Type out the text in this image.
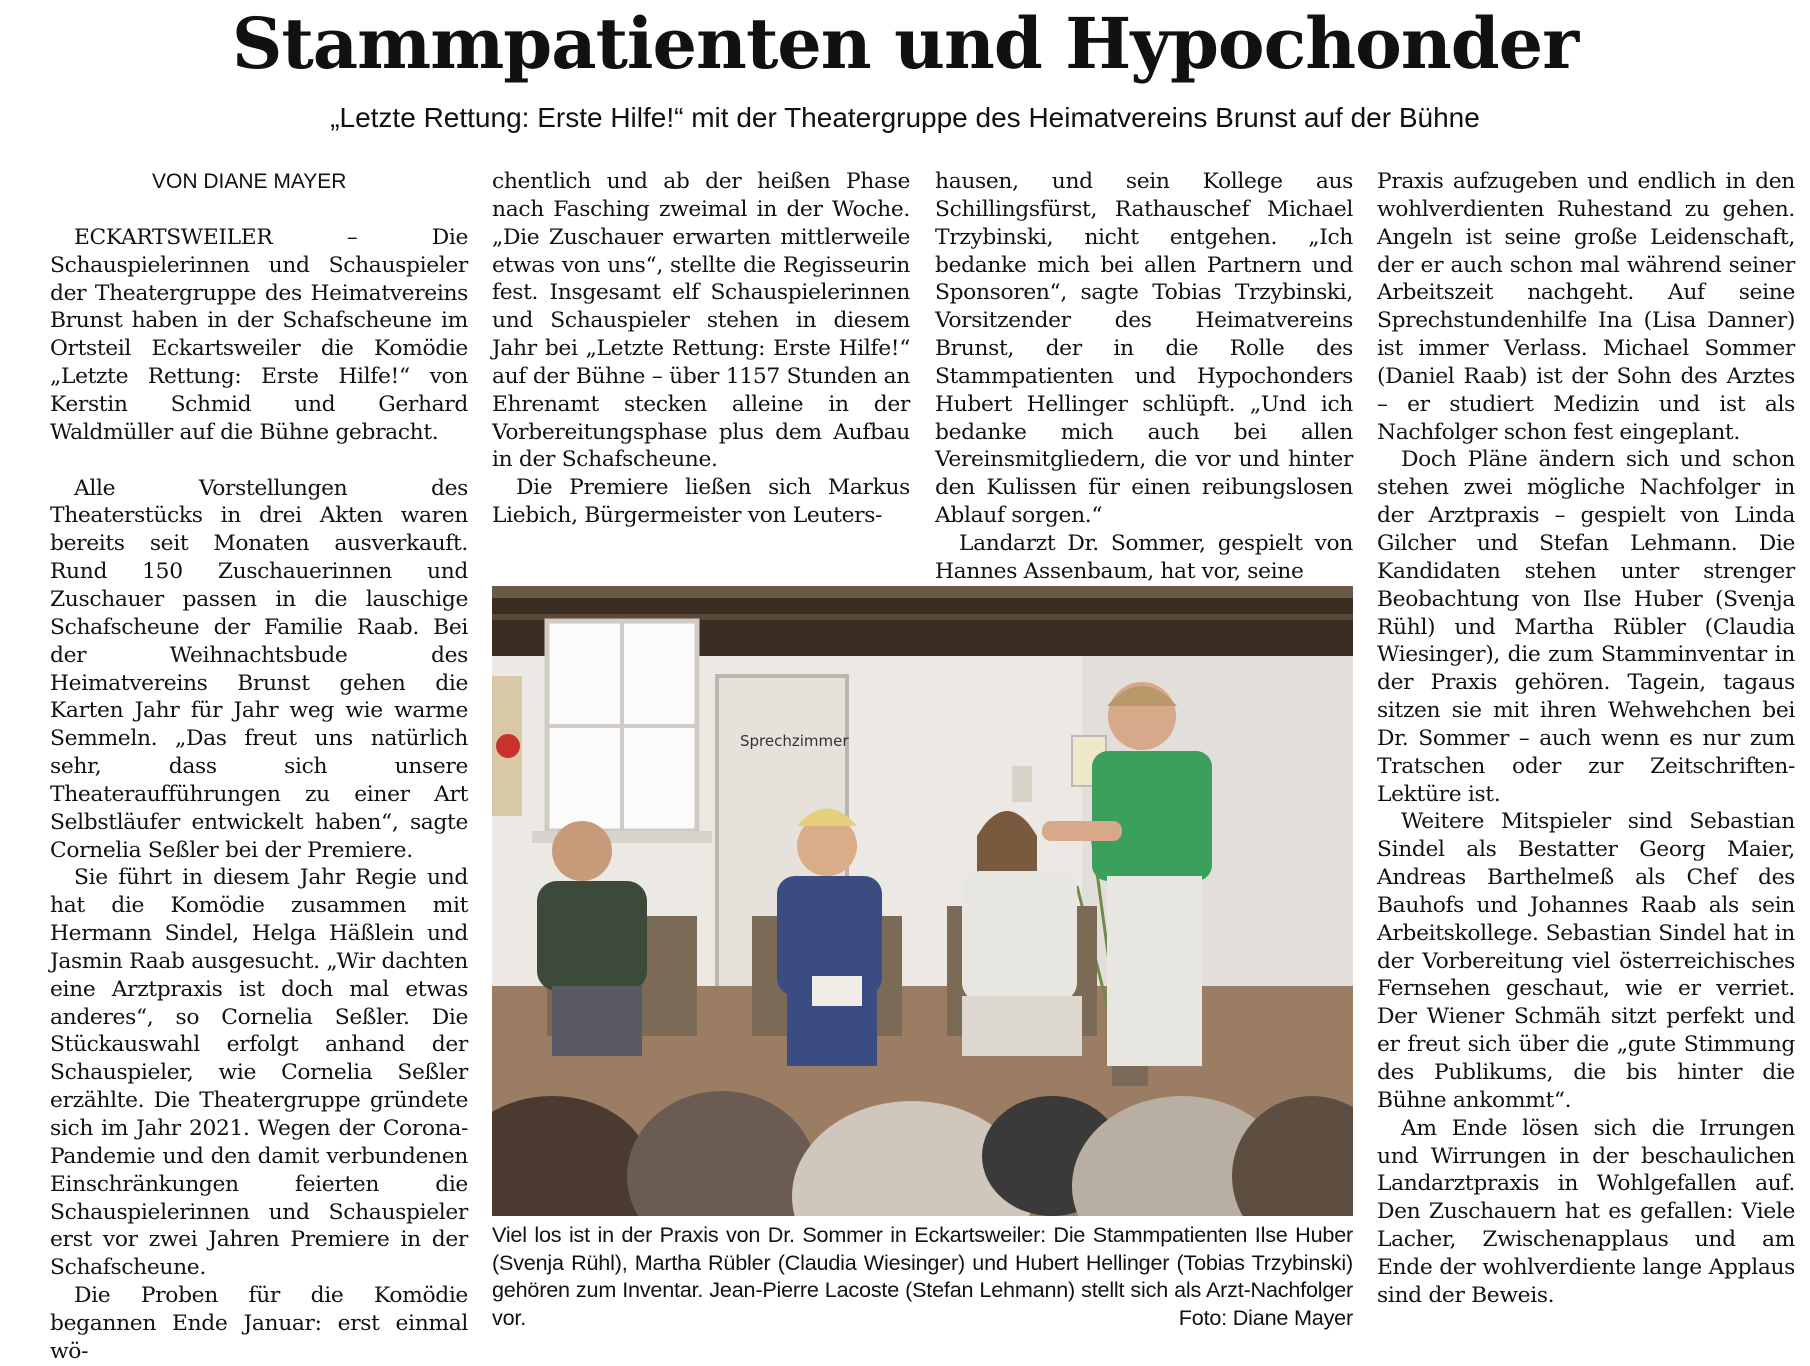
Stammpatienten und Hypochonder
„Letzte Rettung: Erste Hilfe!“ mit der Theatergruppe des Heimatvereins Brunst auf der Bühne

VON DIANE MAYER

ECKARTSWEILER – Die Schauspielerinnen und Schauspieler der Theatergruppe des Heimatvereins Brunst haben in der Schafscheune im Ortsteil Eckartsweiler die Komödie „Letzte Rettung: Erste Hilfe!“ von Kerstin Schmid und Gerhard Waldmüller auf die Bühne gebracht.

Alle Vorstellungen des Theaterstücks in drei Akten waren bereits seit Monaten ausverkauft. Rund 150 Zuschauerinnen und Zuschauer passen in die lauschige Schafscheune der Familie Raab. Bei der Weihnachtsbude des Heimatvereins Brunst gehen die Karten Jahr für Jahr weg wie warme Semmeln. „Das freut uns natürlich sehr, dass sich unsere Theateraufführungen zu einer Art Selbstläufer entwickelt haben“, sagte Cornelia Seßler bei der Premiere.

Sie führt in diesem Jahr Regie und hat die Komödie zusammen mit Hermann Sindel, Helga Häßlein und Jasmin Raab ausgesucht. „Wir dachten eine Arztpraxis ist doch mal etwas anderes“, so Cornelia Seßler. Die Stückauswahl erfolgt anhand der Schauspieler, wie Cornelia Seßler erzählte. Die Theatergruppe gründete sich im Jahr 2021. Wegen der Corona-Pandemie und den damit verbundenen Einschränkungen feierten die Schauspielerinnen und Schauspieler erst vor zwei Jahren Premiere in der Schafscheune.

Die Proben für die Komödie begannen Ende Januar: erst einmal wö-

chentlich und ab der heißen Phase nach Fasching zweimal in der Woche. „Die Zuschauer erwarten mittlerweile etwas von uns“, stellte die Regisseurin fest. Insgesamt elf Schauspielerinnen und Schauspieler stehen in diesem Jahr bei „Letzte Rettung: Erste Hilfe!“ auf der Bühne – über 1157 Stunden an Ehrenamt stecken alleine in der Vorbereitungsphase plus dem Aufbau in der Schafscheune.

Die Premiere ließen sich Markus Liebich, Bürgermeister von Leuters-

hausen, und sein Kollege aus Schillingsfürst, Rathauschef Michael Trzybinski, nicht entgehen. „Ich bedanke mich bei allen Partnern und Sponsoren“, sagte Tobias Trzybinski, Vorsitzender des Heimatvereins Brunst, der in die Rolle des Stammpatienten und Hypochonders Hubert Hellinger schlüpft. „Und ich bedanke mich auch bei allen Vereinsmitgliedern, die vor und hinter den Kulissen für einen reibungslosen Ablauf sorgen.“

Landarzt Dr. Sommer, gespielt von Hannes Assenbaum, hat vor, seine

Praxis aufzugeben und endlich in den wohlverdienten Ruhestand zu gehen. Angeln ist seine große Leidenschaft, der er auch schon mal während seiner Arbeitszeit nachgeht. Auf seine Sprechstundenhilfe Ina (Lisa Danner) ist immer Verlass. Michael Sommer (Daniel Raab) ist der Sohn des Arztes – er studiert Medizin und ist als Nachfolger schon fest eingeplant.

Doch Pläne ändern sich und schon stehen zwei mögliche Nachfolger in der Arztpraxis – gespielt von Linda Gilcher und Stefan Lehmann. Die Kandidaten stehen unter strenger Beobachtung von Ilse Huber (Svenja Rühl) und Martha Rübler (Claudia Wiesinger), die zum Stamminventar in der Praxis gehören. Tagein, tagaus sitzen sie mit ihren Wehwehchen bei Dr. Sommer – auch wenn es nur zum Tratschen oder zur Zeitschriften-Lektüre ist.

Weitere Mitspieler sind Sebastian Sindel als Bestatter Georg Maier, Andreas Barthelmeß als Chef des Bauhofs und Johannes Raab als sein Arbeitskollege. Sebastian Sindel hat in der Vorbereitung viel österreichisches Fernsehen geschaut, wie er verriet. Der Wiener Schmäh sitzt perfekt und er freut sich über die „gute Stimmung des Publikums, die bis hinter die Bühne ankommt“.

Am Ende lösen sich die Irrungen und Wirrungen in der beschaulichen Landarztpraxis in Wohlgefallen auf. Den Zuschauern hat es gefallen: Viele Lacher, Zwischenapplaus und am Ende der wohlverdiente lange Applaus sind der Beweis.

Sprechzimmer
Viel los ist in der Praxis von Dr. Sommer in Eckartsweiler: Die Stammpatienten Ilse Huber (Svenja Rühl), Martha Rübler (Claudia Wiesinger) und Hubert Hellinger (Tobias Trzybinski) gehören zum Inventar. Jean-Pierre Lacoste (Stefan Lehmann) stellt sich als Arzt-Nachfolger vor.	Foto: Diane Mayer
